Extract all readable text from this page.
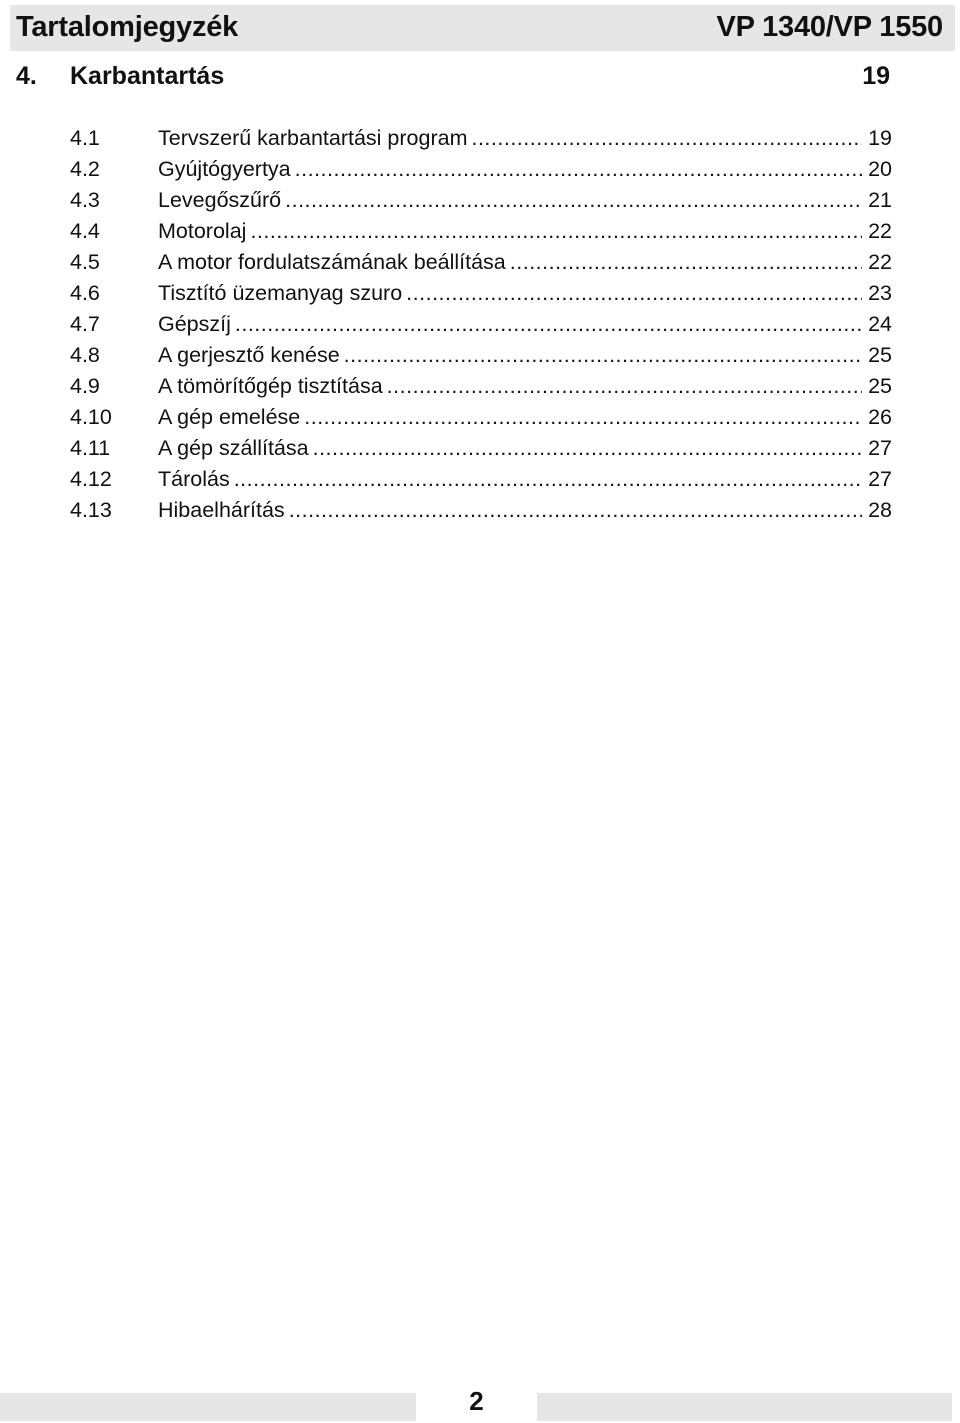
Tartalomjegyzék	VP 1340/VP 1550
4. Karbantartás	19
4.1	Tervszerű karbantartási program .....	19
4.2	Gyújtógyertya .....	20
4.3	Levegőszűrő .....	21
4.4	Motorolaj .....	22
4.5	A motor fordulatszámának beállítása .....	22
4.6	Tisztító üzemanyag szuro .....	23
4.7	Gépszíj .....	24
4.8	A gerjesztő kenése .....	25
4.9	A tömörítőgép tisztítása .....	25
4.10	A gép emelése .....	26
4.11	A gép szállítása .....	27
4.12	Tárolás .....	27
4.13	Hibaelhárítás .....	28
2
